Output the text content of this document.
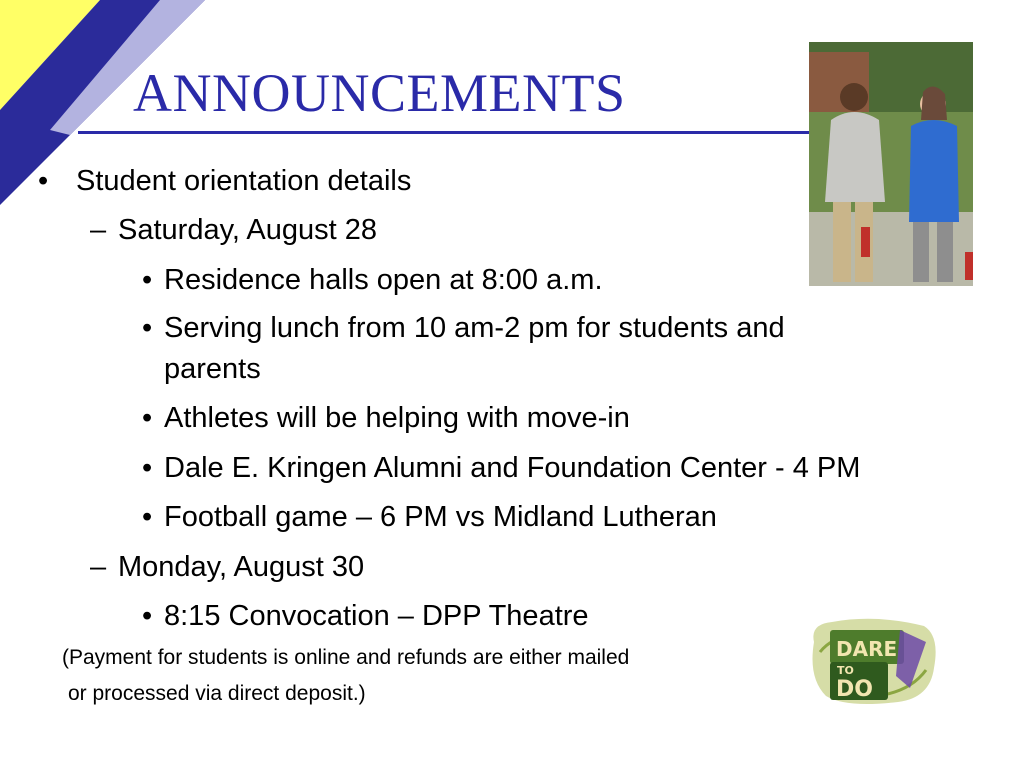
ANNOUNCEMENTS
• Student orientation details
– Saturday, August 28
• Residence halls open at 8:00 a.m.
• Serving lunch from 10 am-2 pm for students and
parents
• Athletes will be helping with move-in
• Dale E. Kringen Alumni and Foundation Center - 4 PM
• Football game – 6 PM vs Midland Lutheran
– Monday, August 30
• 8:15 Convocation – DPP Theatre
(Payment for students is online and refunds are either mailed
or processed via direct deposit.)
DARE
TO
DO
